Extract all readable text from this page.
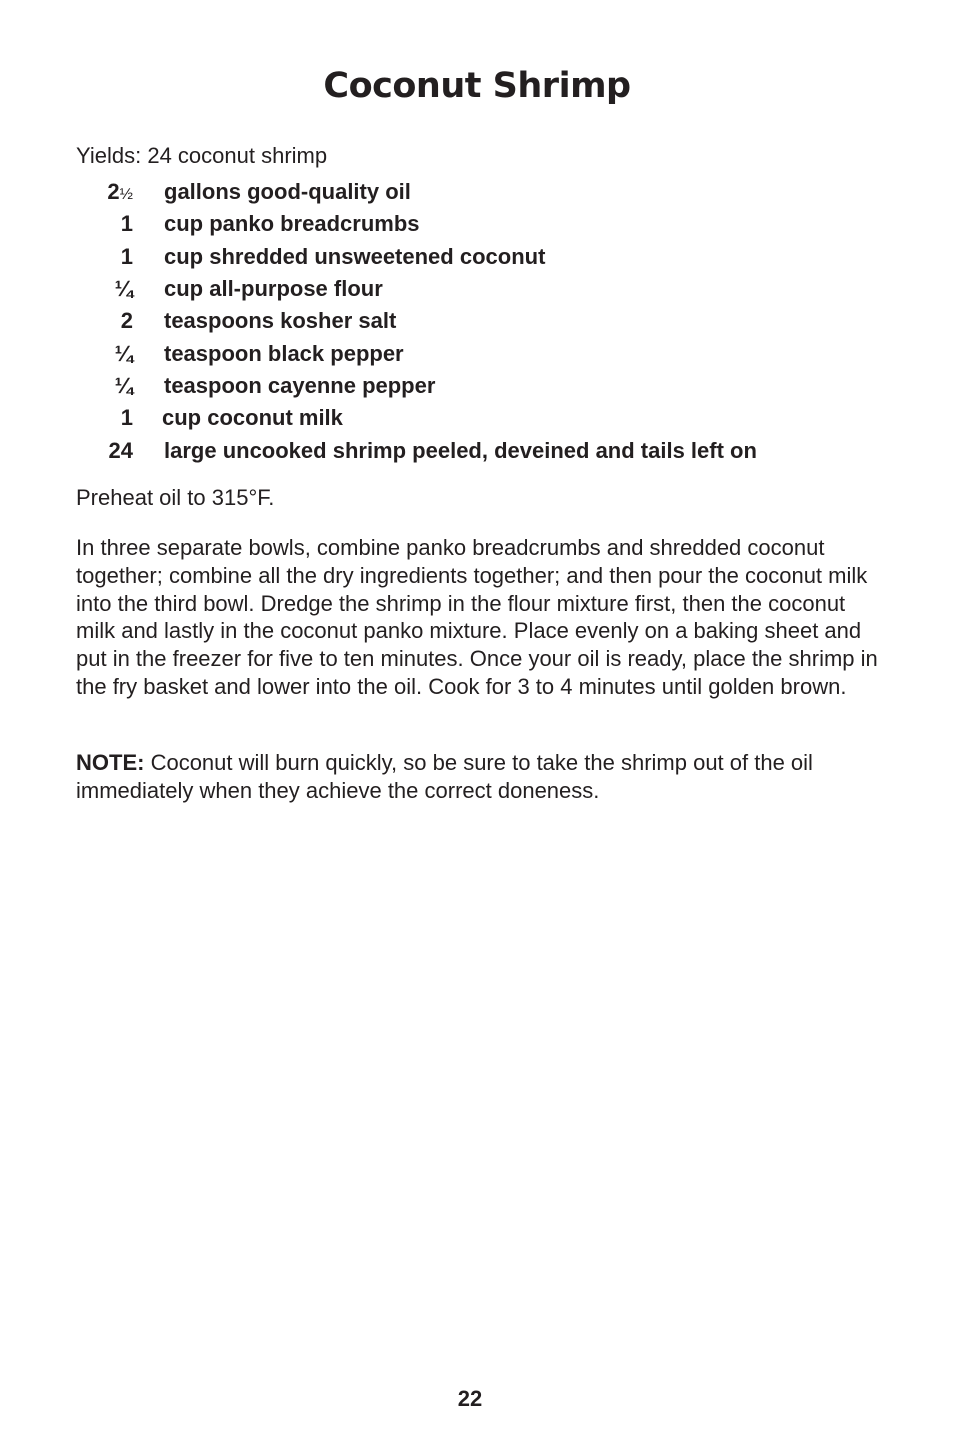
Coconut Shrimp
Yields: 24 coconut shrimp
2½	gallons good-quality oil
1	cup panko breadcrumbs
1	cup shredded unsweetened coconut
¼	cup all-purpose flour
2	teaspoons kosher salt
¼	teaspoon black pepper
¼	teaspoon cayenne pepper
1	cup coconut milk
24	large uncooked shrimp peeled, deveined and tails left on

Preheat oil to 315°F.

In three separate bowls, combine panko breadcrumbs and shredded coconut together; combine all the dry ingredients together; and then pour the coconut milk into the third bowl. Dredge the shrimp in the flour mixture first, then the coconut milk and lastly in the coconut panko mixture. Place evenly on a baking sheet and put in the freezer for five to ten minutes. Once your oil is ready, place the shrimp in the fry basket and lower into the oil. Cook for 3 to 4 minutes until golden brown.

NOTE: Coconut will burn quickly, so be sure to take the shrimp out of the oil immediately when they achieve the correct doneness.

22
